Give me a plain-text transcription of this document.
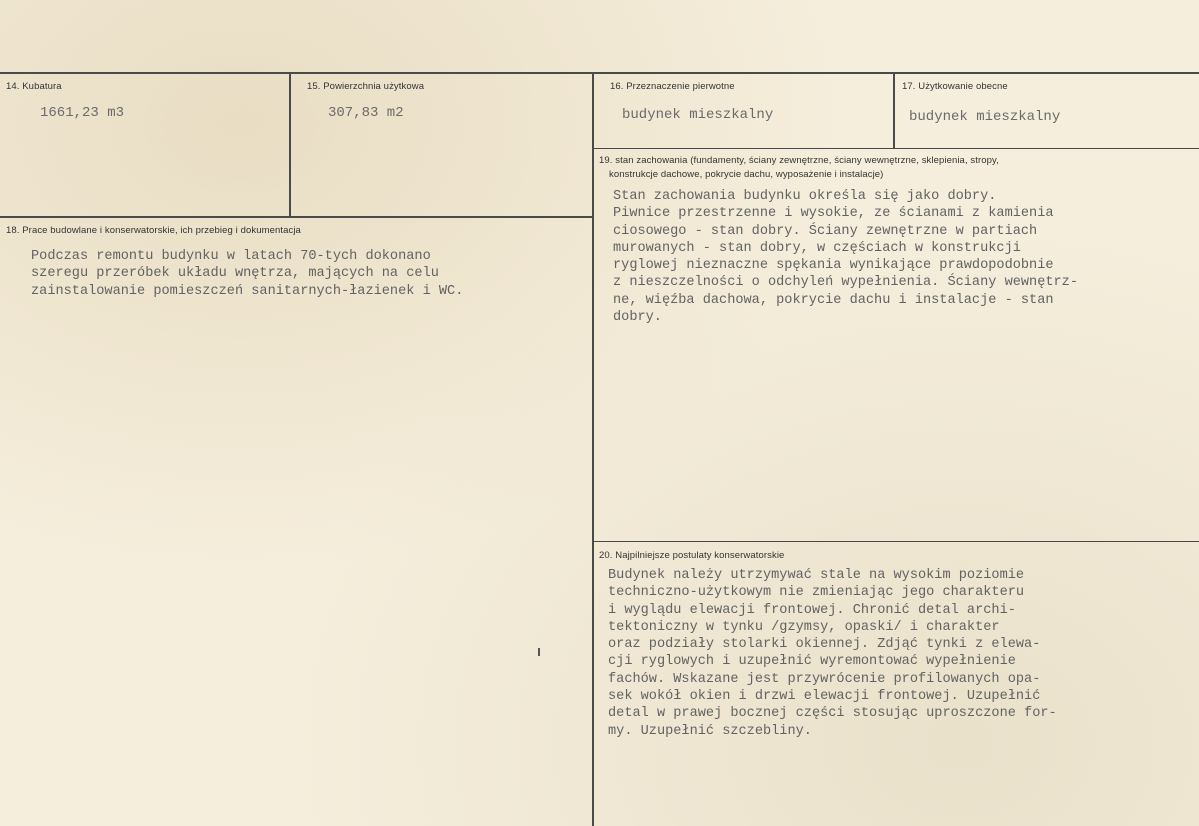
14. Kubatura
1661,23 m3
15. Powierzchnia użytkowa
307,83 m2
16. Przeznaczenie pierwotne
budynek mieszkalny
17. Użytkowanie obecne
budynek mieszkalny
19. stan zachowania (fundamenty, ściany zewnętrzne, ściany wewnętrzne, sklepienia, stropy,
konstrukcje dachowe, pokrycie dachu, wyposażenie i instalacje)
Stan zachowania budynku określa się jako dobry.
Piwnice przestrzenne i wysokie, ze ścianami z kamienia
ciosowego - stan dobry. Ściany zewnętrzne w partiach
murowanych - stan dobry, w częściach w konstrukcji
ryglowej nieznaczne spękania wynikające prawdopodobnie
z nieszczelności o odchyleń wypełnienia. Ściany wewnętrz-
ne, więźba dachowa, pokrycie dachu i instalacje - stan
dobry.
18. Prace budowlane i konserwatorskie, ich przebieg i dokumentacja
Podczas remontu budynku w latach 70-tych dokonano
szeregu przeróbek układu wnętrza, mających na celu
zainstalowanie pomieszczeń sanitarnych-łazienek i WC.
20. Najpilniejsze postulaty konserwatorskie
Budynek należy utrzymywać stale na wysokim poziomie
techniczno-użytkowym nie zmieniając jego charakteru
i wyglądu elewacji frontowej. Chronić detal archi-
tektoniczny w tynku /gzymsy, opaski/ i charakter
oraz podziały stolarki okiennej. Zdjąć tynki z elewa-
cji ryglowych i uzupełnić wyremontować wypełnienie
fachów. Wskazane jest przywrócenie profilowanych opa-
sek wokół okien i drzwi elewacji frontowej. Uzupełnić
detal w prawej bocznej części stosując uproszczone for-
my. Uzupełnić szczebliny.
